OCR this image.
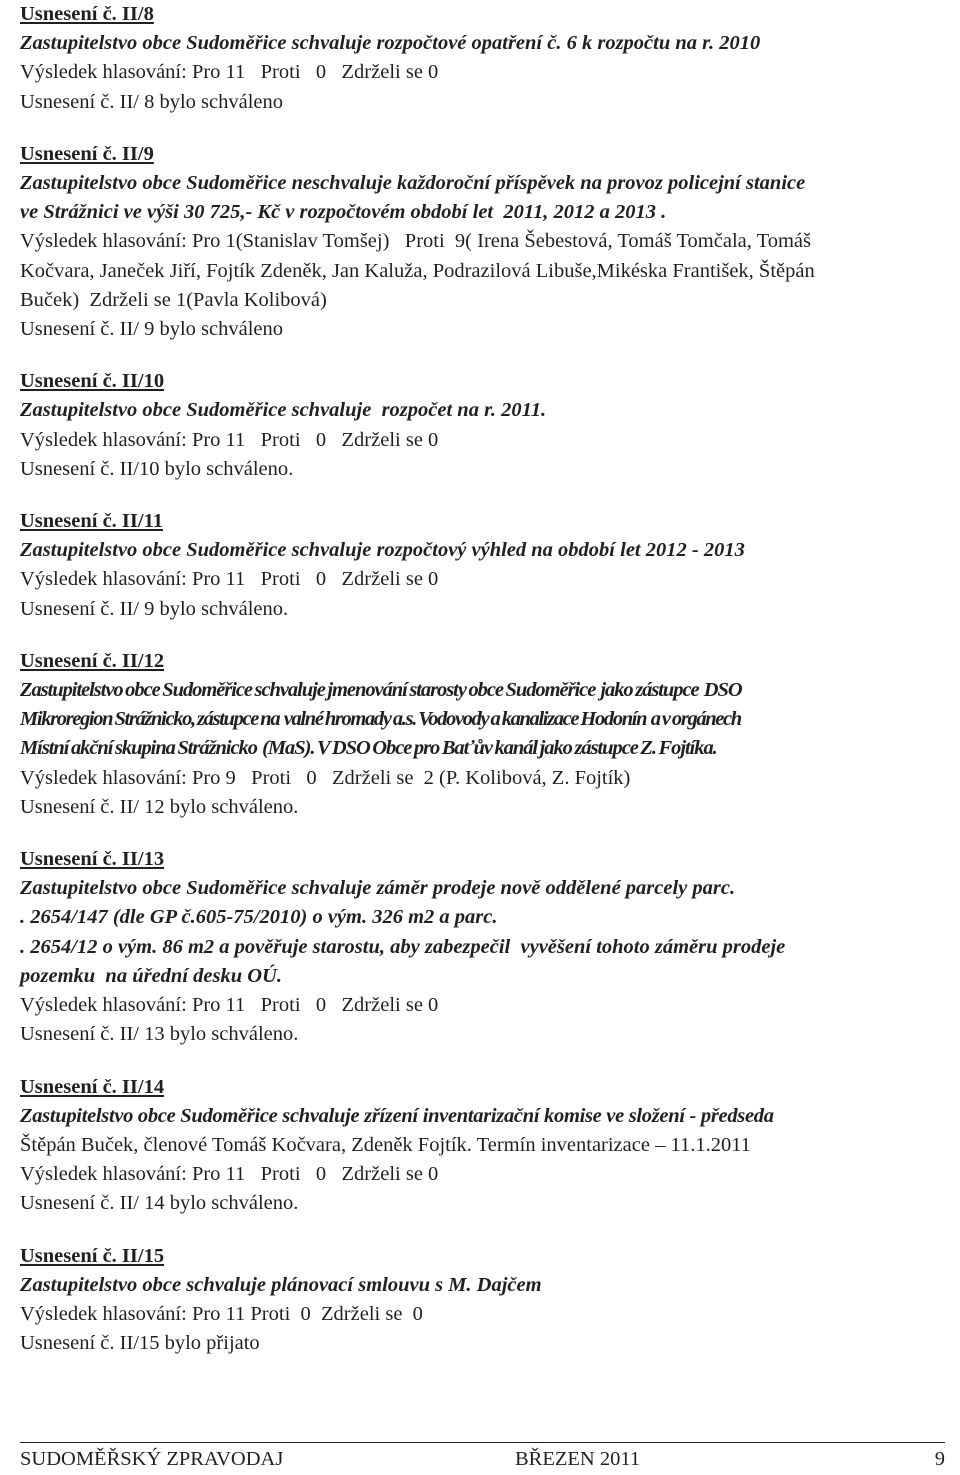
Usnesení č. II/8
Zastupitelstvo obce Sudoměřice schvaluje rozpočtové opatření č. 6 k rozpočtu na r. 2010
Výsledek hlasování: Pro 11   Proti   0   Zdrželi se 0
Usnesení č. II/ 8 bylo schváleno
Usnesení č. II/9
Zastupitelstvo obce Sudoměřice neschvaluje každoroční příspěvek na provoz policejní stanice
ve Strážnici ve výši 30 725,- Kč v rozpočtovém období let  2011, 2012 a 2013 .
Výsledek hlasování: Pro 1(Stanislav Tomšej)   Proti  9( Irena Šebestová, Tomáš Tomčala, Tomáš
Kočvara, Janeček Jiří, Fojtík Zdeněk, Jan Kaluža, Podrazilová Libuše,Mikéska František, Štěpán
Buček)  Zdrželi se 1(Pavla Kolibová)
Usnesení č. II/ 9 bylo schváleno
Usnesení č. II/10
Zastupitelstvo obce Sudoměřice schvaluje  rozpočet na r. 2011.
Výsledek hlasování: Pro 11   Proti   0   Zdrželi se 0
Usnesení č. II/10 bylo schváleno.
Usnesení č. II/11
Zastupitelstvo obce Sudoměřice schvaluje rozpočtový výhled na období let 2012 - 2013
Výsledek hlasování: Pro 11   Proti   0   Zdrželi se 0
Usnesení č. II/ 9 bylo schváleno.
Usnesení č. II/12
Zastupitelstvo obce Sudoměřice schvaluje jmenování starosty obce Sudoměřice  jako zástupce  DSO
Mikroregion Strážnicko, zástupce na  valné hromady a.s. Vodovody a kanalizace Hodonín  a v orgánech
Místní akční skupina Strážnicko  (MaS). V DSO Obce pro Baťův kanál jako zástupce Z. Fojtíka.
Výsledek hlasování: Pro 9   Proti   0   Zdrželi se  2 (P. Kolibová, Z. Fojtík)
Usnesení č. II/ 12 bylo schváleno.
Usnesení č. II/13
Zastupitelstvo obce Sudoměřice schvaluje záměr prodeje nově oddělené parcely parc.
. 2654/147 (dle GP č.605-75/2010) o vým. 326 m2 a parc.
. 2654/12 o vým. 86 m2 a pověřuje starostu, aby zabezpečil  vyvěšení tohoto záměru prodeje
pozemku  na úřední desku OÚ.
Výsledek hlasování: Pro 11   Proti   0   Zdrželi se 0
Usnesení č. II/ 13 bylo schváleno.
Usnesení č. II/14
Zastupitelstvo obce Sudoměřice schvaluje zřízení inventarizační komise ve složení - předseda
Štěpán Buček, členové Tomáš Kočvara, Zdeněk Fojtík. Termín inventarizace – 11.1.2011
Výsledek hlasování: Pro 11   Proti   0   Zdrželi se 0
Usnesení č. II/ 14 bylo schváleno.
Usnesení č. II/15
Zastupitelstvo obce schvaluje plánovací smlouvu s M. Dajčem
Výsledek hlasování: Pro 11 Proti  0  Zdrželi se  0
Usnesení č. II/15 bylo přijato
SUDOMĚŘSKÝ ZPRAVODAJ	BŘEZEN 2011	9
